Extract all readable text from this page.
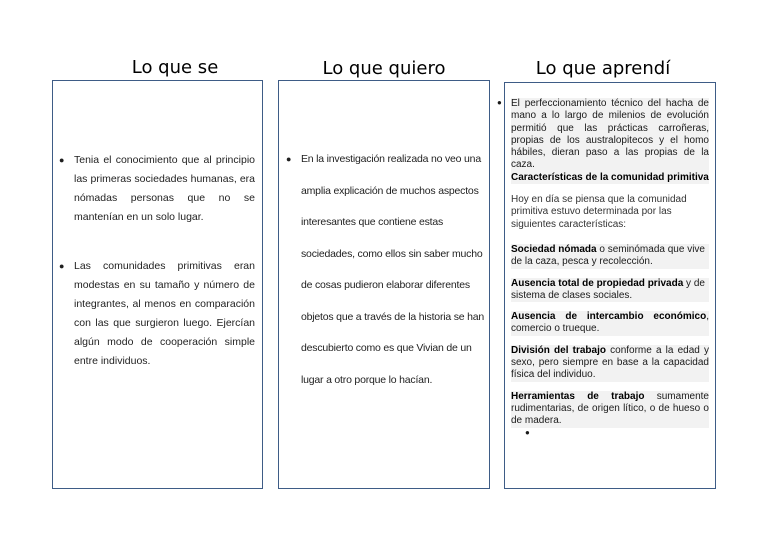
Lo que se	Lo que quiero	Lo que aprendí
● Tenia el conocimiento que al principio las primeras sociedades humanas, era nómadas personas que no se mantenían en un solo lugar.
● Las comunidades primitivas eran modestas en su tamaño y número de integrantes, al menos en comparación con las que surgieron luego. Ejercían algún modo de cooperación simple entre individuos.
● En la investigación realizada no veo una amplia explicación de muchos aspectos interesantes que contiene estas sociedades, como ellos sin saber mucho de cosas pudieron elaborar diferentes objetos que a través de la historia se han descubierto como es que Vivian de un lugar a otro porque lo hacían.
● El perfeccionamiento técnico del hacha de mano a lo largo de milenios de evolución permitió que las prácticas carroñeras, propias de los australopitecos y el homo hábiles, dieran paso a las propias de la caza.

Características de la comunidad primitiva

Hoy en día se piensa que la comunidad primitiva estuvo determinada por las siguientes características:

Sociedad nómada o seminómada que vive de la caza, pesca y recolección.

Ausencia total de propiedad privada y de sistema de clases sociales.

Ausencia de intercambio económico, comercio o trueque.

División del trabajo conforme a la edad y sexo, pero siempre en base a la capacidad física del individuo.

Herramientas de trabajo sumamente rudimentarias, de origen lítico, o de hueso o de madera.

●
